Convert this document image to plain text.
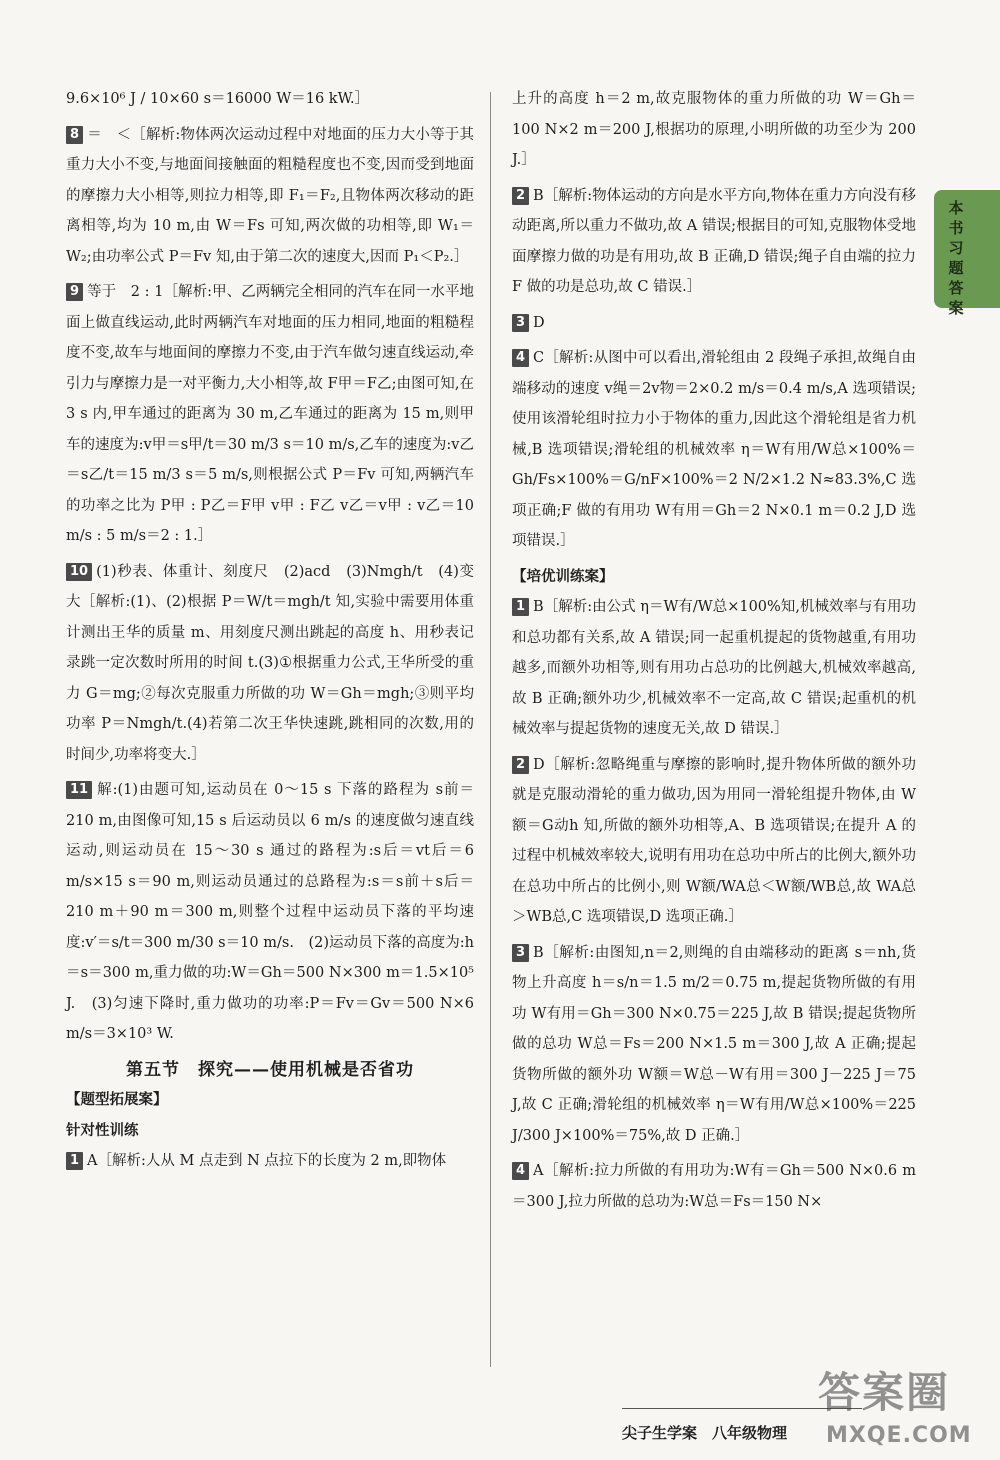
本书习题答案
9.6×10⁶ J / 10×60 s＝16000 W＝16 kW.］
8 ＝　＜［解析:物体两次运动过程中对地面的压力大小等于其重力大小不变,与地面间接触面的粗糙程度也不变,因而受到地面的摩擦力大小相等,则拉力相等,即 F₁＝F₂,且物体两次移动的距离相等,均为 10 m,由 W＝Fs 可知,两次做的功相等,即 W₁＝W₂;由功率公式 P＝Fv 知,由于第二次的速度大,因而 P₁＜P₂.］
9 等于　2 : 1［解析:甲、乙两辆完全相同的汽车在同一水平地面上做直线运动,此时两辆汽车对地面的压力相同,地面的粗糙程度不变,故车与地面间的摩擦力不变,由于汽车做匀速直线运动,牵引力与摩擦力是一对平衡力,大小相等,故 F甲＝F乙;由图可知,在 3 s 内,甲车通过的距离为 30 m,乙车通过的距离为 15 m,则甲车的速度为:v甲＝s甲/t＝30 m/3 s＝10 m/s,乙车的速度为:v乙＝s乙/t＝15 m/3 s＝5 m/s,则根据公式 P＝Fv 可知,两辆汽车的功率之比为 P甲 : P乙＝F甲 v甲 : F乙 v乙＝v甲 : v乙＝10 m/s : 5 m/s＝2 : 1.］
10 (1)秒表、体重计、刻度尺　(2)acd　(3)Nmgh/t　(4)变大［解析:(1)、(2)根据 P＝W/t＝mgh/t 知,实验中需要用体重计测出王华的质量 m、用刻度尺测出跳起的高度 h、用秒表记录跳一定次数时所用的时间 t.(3)①根据重力公式,王华所受的重力 G＝mg;②每次克服重力所做的功 W＝Gh＝mgh;③则平均功率 P＝Nmgh/t.(4)若第二次王华快速跳,跳相同的次数,用的时间少,功率将变大.］
11 解:(1)由题可知,运动员在 0～15 s 下落的路程为 s前＝210 m,由图像可知,15 s 后运动员以 6 m/s 的速度做匀速直线运动,则运动员在 15～30 s 通过的路程为:s后＝vt后＝6 m/s×15 s＝90 m,则运动员通过的总路程为:s＝s前＋s后＝210 m＋90 m＝300 m,则整个过程中运动员下落的平均速度:v′＝s/t＝300 m/30 s＝10 m/s.　(2)运动员下落的高度为:h＝s＝300 m,重力做的功:W＝Gh＝500 N×300 m＝1.5×10⁵ J.　(3)匀速下降时,重力做功的功率:P＝Fv＝Gv＝500 N×6 m/s＝3×10³ W.
第五节　探究——使用机械是否省功
【题型拓展案】
针对性训练
1 A［解析:人从 M 点走到 N 点拉下的长度为 2 m,即物体
上升的高度 h＝2 m,故克服物体的重力所做的功 W＝Gh＝100 N×2 m＝200 J,根据功的原理,小明所做的功至少为 200 J.］
2 B［解析:物体运动的方向是水平方向,物体在重力方向没有移动距离,所以重力不做功,故 A 错误;根据目的可知,克服物体受地面摩擦力做的功是有用功,故 B 正确,D 错误;绳子自由端的拉力 F 做的功是总功,故 C 错误.］
3 D
4 C［解析:从图中可以看出,滑轮组由 2 段绳子承担,故绳自由端移动的速度 v绳＝2v物＝2×0.2 m/s＝0.4 m/s,A 选项错误;使用该滑轮组时拉力小于物体的重力,因此这个滑轮组是省力机械,B 选项错误;滑轮组的机械效率 η＝W有用/W总×100%＝Gh/Fs×100%＝G/nF×100%＝2 N/2×1.2 N≈83.3%,C 选项正确;F 做的有用功 W有用＝Gh＝2 N×0.1 m＝0.2 J,D 选项错误.］
【培优训练案】
1 B［解析:由公式 η＝W有/W总×100%知,机械效率与有用功和总功都有关系,故 A 错误;同一起重机提起的货物越重,有用功越多,而额外功相等,则有用功占总功的比例越大,机械效率越高,故 B 正确;额外功少,机械效率不一定高,故 C 错误;起重机的机械效率与提起货物的速度无关,故 D 错误.］
2 D［解析:忽略绳重与摩擦的影响时,提升物体所做的额外功就是克服动滑轮的重力做功,因为用同一滑轮组提升物体,由 W额＝G动h 知,所做的额外功相等,A、B 选项错误;在提升 A 的过程中机械效率较大,说明有用功在总功中所占的比例大,额外功在总功中所占的比例小,则 W额/WA总＜W额/WB总,故 WA总＞WB总,C 选项错误,D 选项正确.］
3 B［解析:由图知,n＝2,则绳的自由端移动的距离 s＝nh,货物上升高度 h＝s/n＝1.5 m/2＝0.75 m,提起货物所做的有用功 W有用＝Gh＝300 N×0.75＝225 J,故 B 错误;提起货物所做的总功 W总＝Fs＝200 N×1.5 m＝300 J,故 A 正确;提起货物所做的额外功 W额＝W总－W有用＝300 J－225 J＝75 J,故 C 正确;滑轮组的机械效率 η＝W有用/W总×100%＝225 J/300 J×100%＝75%,故 D 正确.］
4 A［解析:拉力所做的有用功为:W有＝Gh＝500 N×0.6 m＝300 J,拉力所做的总功为:W总＝Fs＝150 N×
尖子生学案　八年级物理
答案圈
MXQE.COM
